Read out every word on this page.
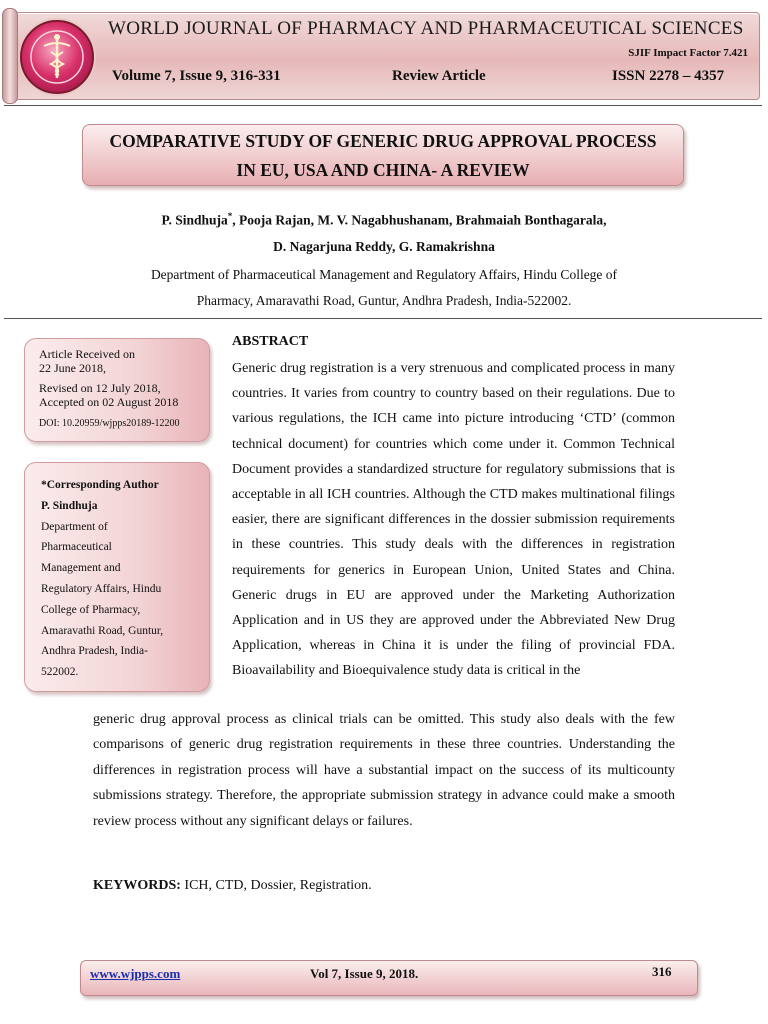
WORLD JOURNAL OF PHARMACY AND PHARMACEUTICAL SCIENCES
SJIF Impact Factor 7.421
Volume 7, Issue 9, 316-331	Review Article	ISSN 2278 – 4357
COMPARATIVE STUDY OF GENERIC DRUG APPROVAL PROCESS
IN EU, USA AND CHINA- A REVIEW
P. Sindhuja*, Pooja Rajan, M. V. Nagabhushanam, Brahmaiah Bonthagarala,
D. Nagarjuna Reddy, G. Ramakrishna
Department of Pharmaceutical Management and Regulatory Affairs, Hindu College of
Pharmacy, Amaravathi Road, Guntur, Andhra Pradesh, India-522002.
Article Received on
22 June 2018,
Revised on 12 July 2018,
Accepted on 02 August 2018
DOI: 10.20959/wjpps20189-12200
*Corresponding Author
P. Sindhuja
Department of
Pharmaceutical
Management and
Regulatory Affairs, Hindu
College of Pharmacy,
Amaravathi Road, Guntur,
Andhra Pradesh, India-
522002.
ABSTRACT
Generic drug registration is a very strenuous and complicated process in many countries. It varies from country to country based on their regulations. Due to various regulations, the ICH came into picture introducing ‘CTD’ (common technical document) for countries which come under it. Common Technical Document provides a standardized structure for regulatory submissions that is acceptable in all ICH countries. Although the CTD makes multinational filings easier, there are significant differences in the dossier submission requirements in these countries. This study deals with the differences in registration requirements for generics in European Union, United States and China. Generic drugs in EU are approved under the Marketing Authorization Application and in US they are approved under the Abbreviated New Drug Application, whereas in China it is under the filing of provincial FDA. Bioavailability and Bioequivalence study data is critical in the
generic drug approval process as clinical trials can be omitted. This study also deals with the few comparisons of generic drug registration requirements in these three countries. Understanding the differences in registration process will have a substantial impact on the success of its multicounty submissions strategy. Therefore, the appropriate submission strategy in advance could make a smooth review process without any significant delays or failures.
KEYWORDS: ICH, CTD, Dossier, Registration.
www.wjpps.com	Vol 7, Issue 9, 2018.	316
